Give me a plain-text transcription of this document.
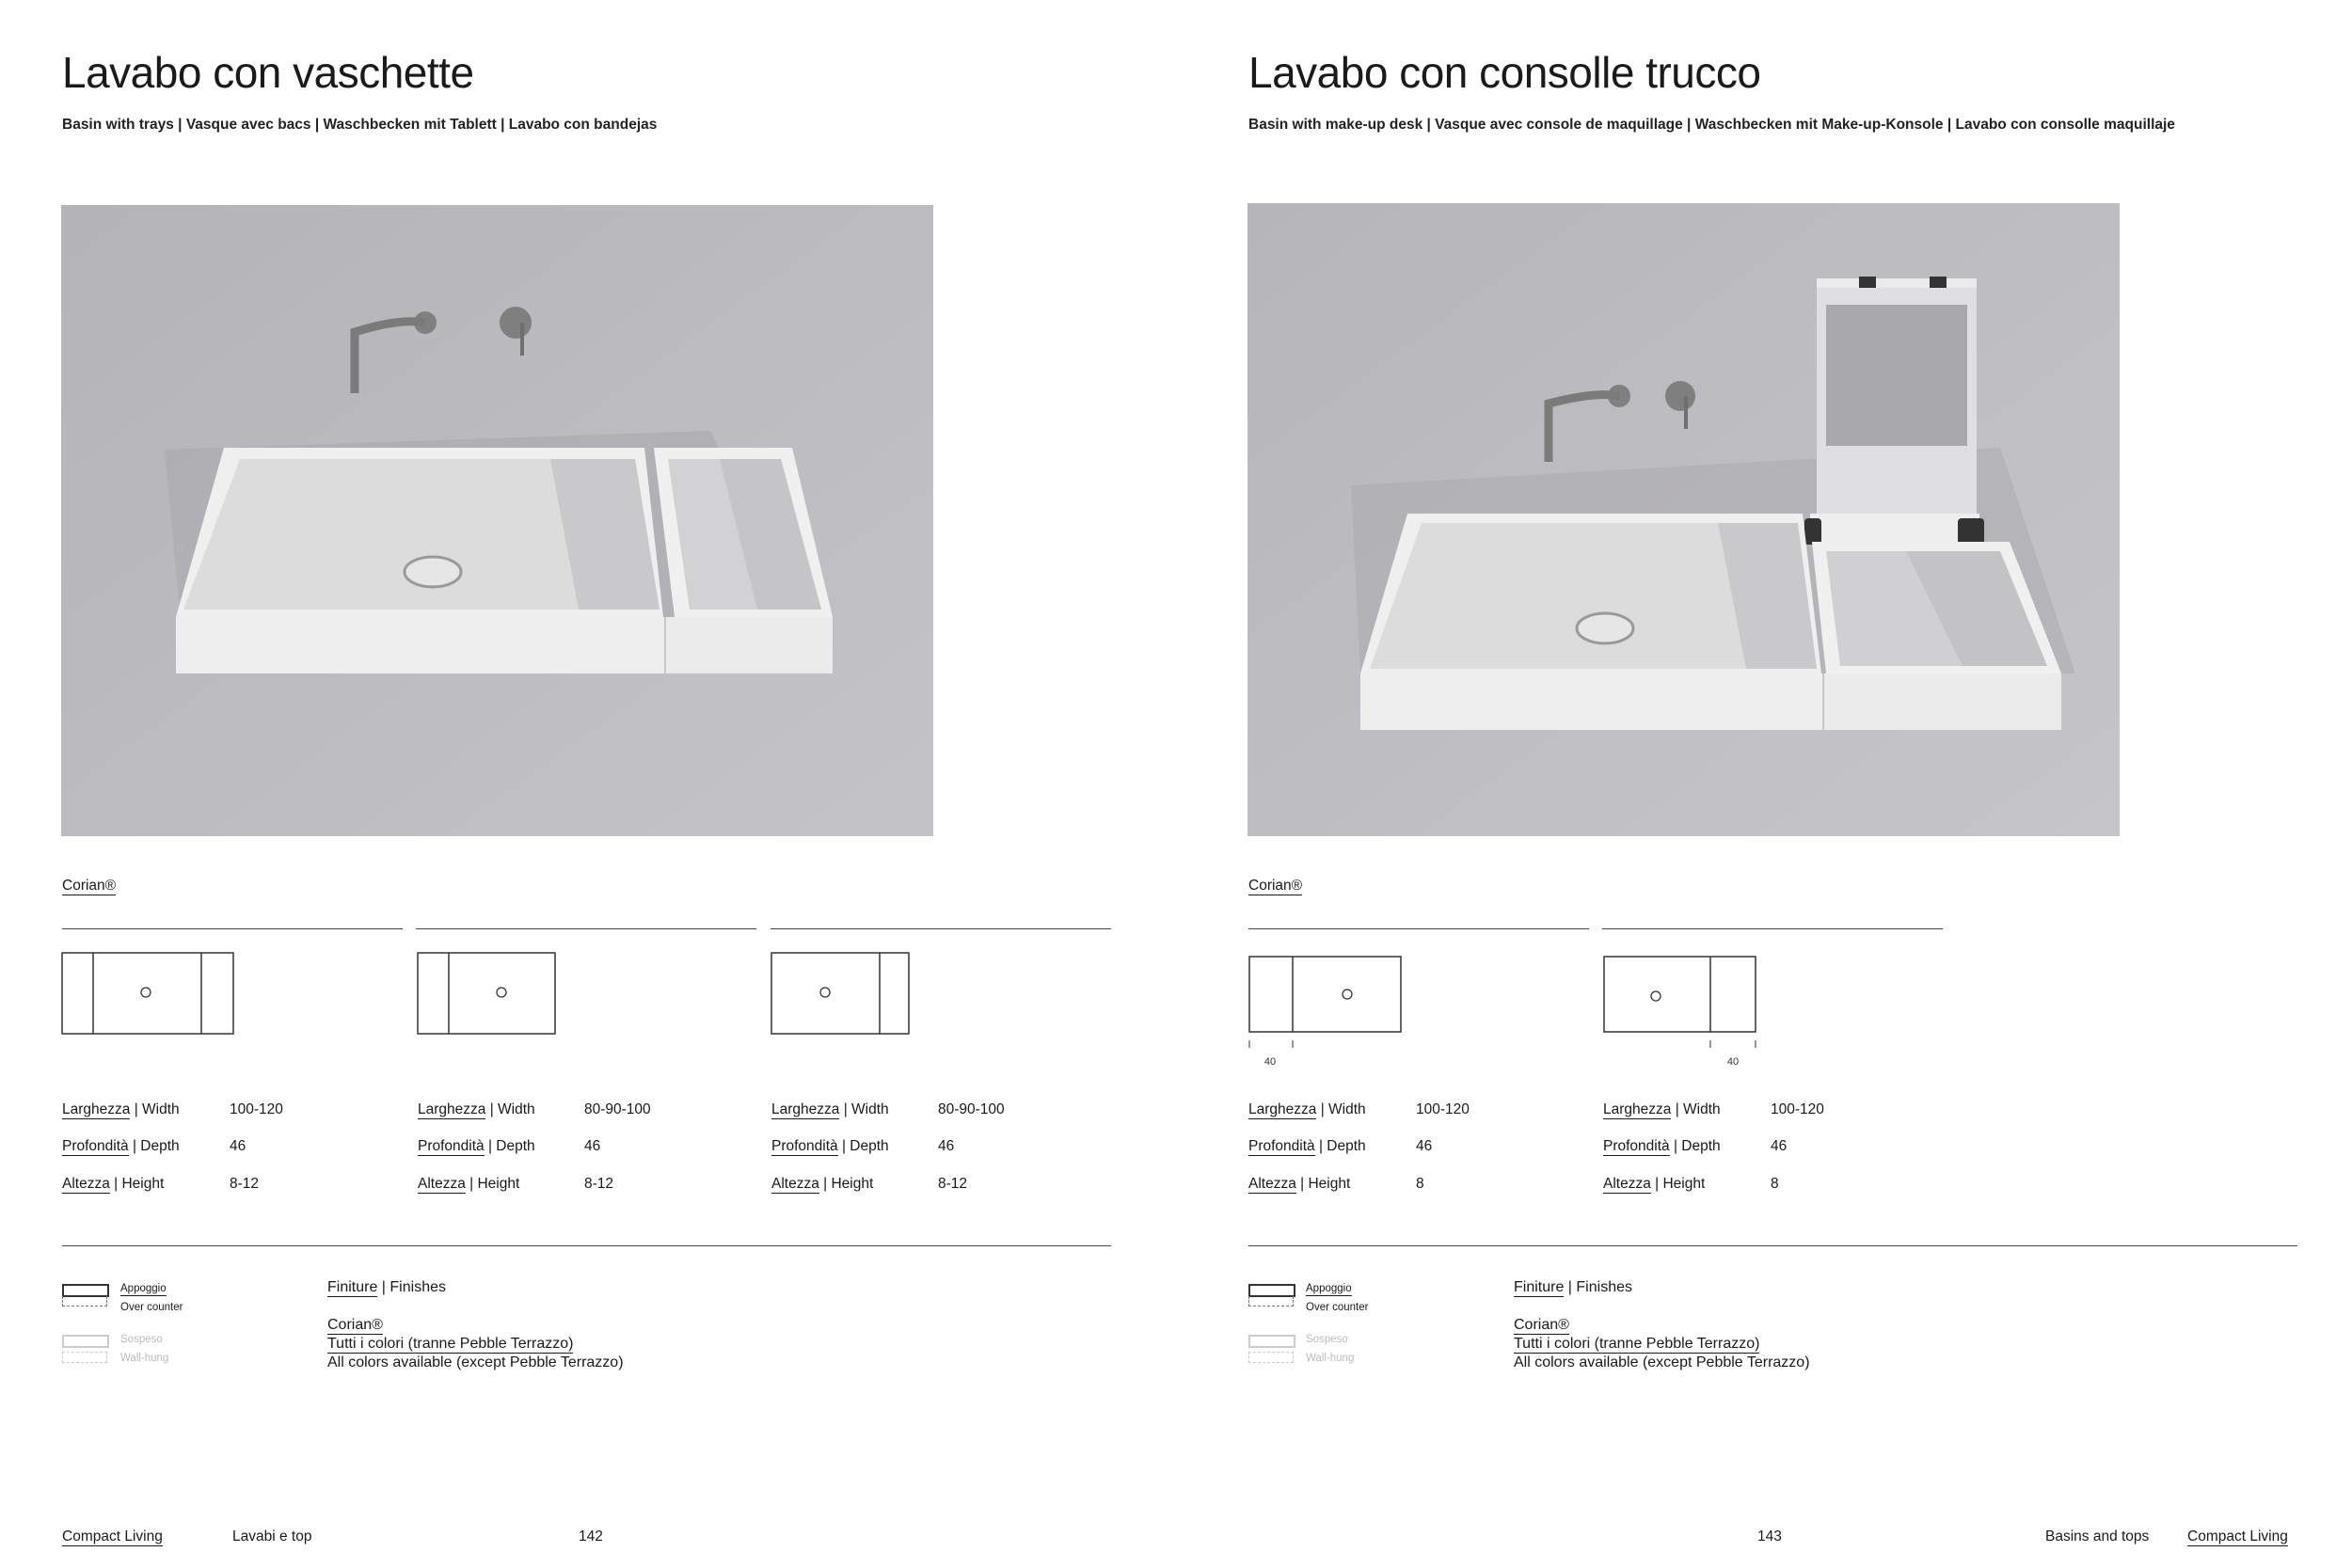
Lavabo con vaschette
Basin with trays | Vasque avec bacs | Waschbecken mit Tablett | Lavabo con bandejas
Corian®
Larghezza | Width	100-120
Profondità | Depth	46
Altezza | Height	8-12
Larghezza | Width	80-90-100
Profondità | Depth	46
Altezza | Height	8-12
Larghezza | Width	80-90-100
Profondità | Depth	46
Altezza | Height	8-12
Appoggio
Over counter
Sospeso
Wall-hung
Finiture | Finishes
Corian®
Tutti i colori (tranne Pebble Terrazzo)
All colors available (except Pebble Terrazzo)
Compact Living	Lavabi e top	142
Lavabo con consolle trucco
Basin with make-up desk | Vasque avec console de maquillage | Waschbecken mit Make-up-Konsole | Lavabo con consolle maquillaje
Corian®
40	40
Larghezza | Width	100-120
Profondità | Depth	46
Altezza | Height	8
Larghezza | Width	100-120
Profondità | Depth	46
Altezza | Height	8
Appoggio
Over counter
Sospeso
Wall-hung
Finiture | Finishes
Corian®
Tutti i colori (tranne Pebble Terrazzo)
All colors available (except Pebble Terrazzo)
143	Basins and tops	Compact Living
